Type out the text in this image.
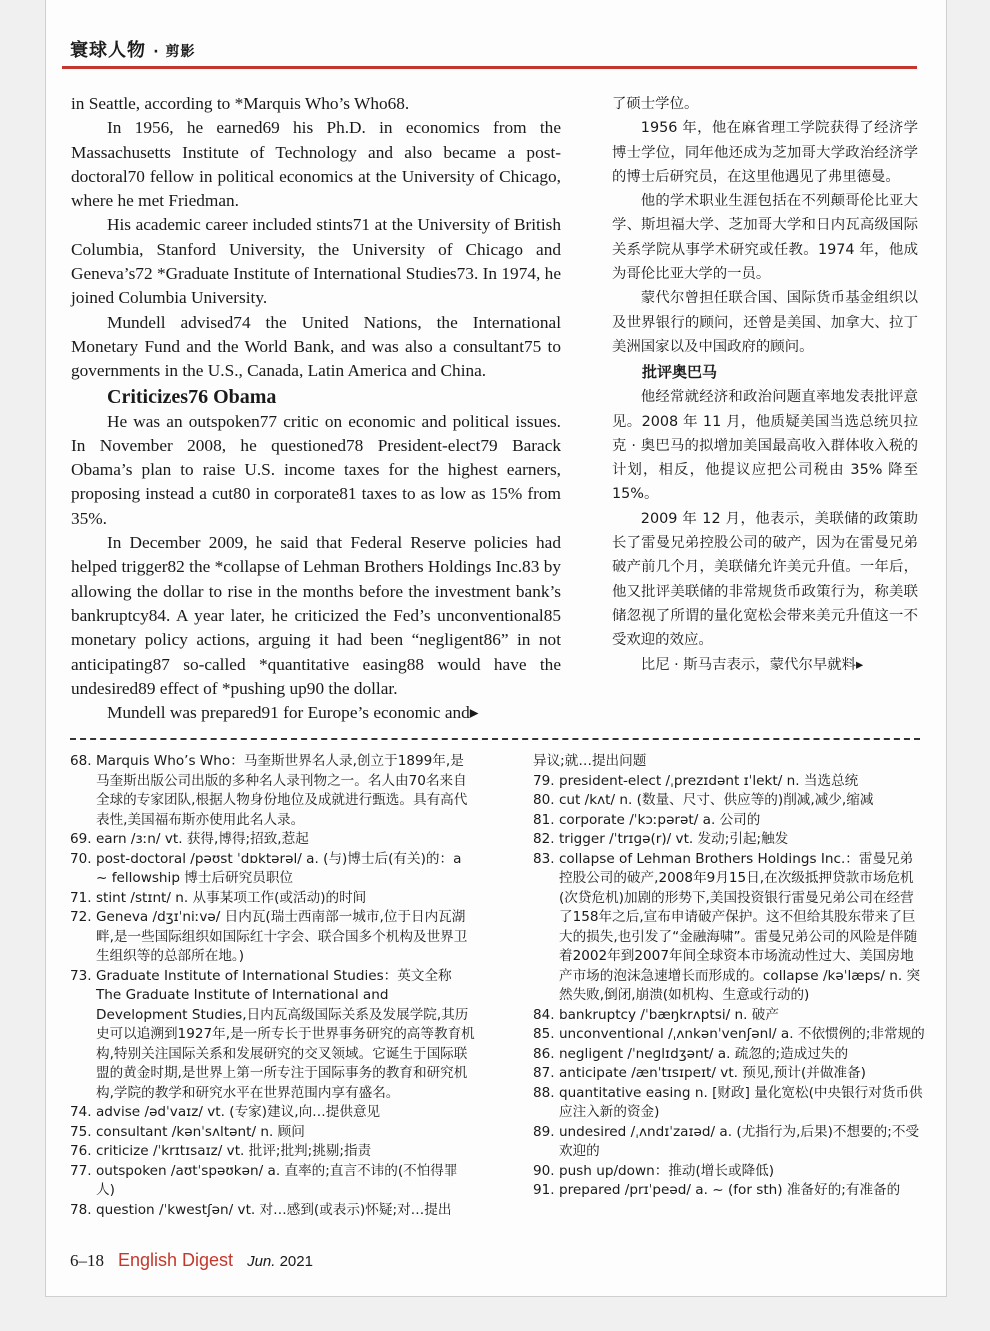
寰球人物 · 剪影

in Seattle, according to *Marquis Who’s Who68.

In 1956, he earned69 his Ph.D. in economics from the Massachusetts Institute of Technology and also became a post-doctoral70 fellow in political economics at the University of Chicago, where he met Friedman.

His academic career included stints71 at the University of British Columbia, Stanford University, the University of Chicago and Geneva’s72 *Graduate Institute of International Studies73. In 1974, he joined Columbia University.

Mundell advised74 the United Nations, the International Monetary Fund and the World Bank, and was also a consultant75 to governments in the U.S., Canada, Latin America and China.

Criticizes76 Obama

He was an outspoken77 critic on economic and political issues. In November 2008, he questioned78 President-elect79 Barack Obama’s plan to raise U.S. income taxes for the highest earners, proposing instead a cut80 in corporate81 taxes to as low as 15% from 35%.

In December 2009, he said that Federal Reserve policies had helped trigger82 the *collapse of Lehman Brothers Holdings Inc.83 by allowing the dollar to rise in the months before the investment bank’s bankruptcy84. A year later, he criticized the Fed’s unconventional85 monetary policy actions, arguing it had been “negligent86” in not anticipating87 so-called *quantitative easing88 would have the undesired89 effect of *pushing up90 the dollar.

Mundell was prepared91 for Europe’s economic and▸

了硕士学位。

1956 年，他在麻省理工学院获得了经济学博士学位，同年他还成为芝加哥大学政治经济学的博士后研究员，在这里他遇见了弗里德曼。

他的学术职业生涯包括在不列颠哥伦比亚大学、斯坦福大学、芝加哥大学和日内瓦高级国际关系学院从事学术研究或任教。1974 年，他成为哥伦比亚大学的一员。

蒙代尔曾担任联合国、国际货币基金组织以及世界银行的顾问，还曾是美国、加拿大、拉丁美洲国家以及中国政府的顾问。

批评奥巴马

他经常就经济和政治问题直率地发表批评意见。2008 年 11 月，他质疑美国当选总统贝拉克 · 奥巴马的拟增加美国最高收入群体收入税的计划，相反，他提议应把公司税由 35% 降至 15%。

2009 年 12 月，他表示，美联储的政策助长了雷曼兄弟控股公司的破产，因为在雷曼兄弟破产前几个月，美联储允许美元升值。一年后，他又批评美联储的非常规货币政策行为，称美联储忽视了所谓的量化宽松会带来美元升值这一不受欢迎的效应。

比尼 · 斯马吉表示，蒙代尔早就料▸

68. Marquis Who’s Who：马奎斯世界名人录,创立于1899年,是马奎斯出版公司出版的多种名人录刊物之一。名人由70名来自全球的专家团队,根据人物身份地位及成就进行甄选。具有高代表性,美国福布斯亦使用此名人录。
69. earn /ɜːn/ vt. 获得,博得;招致,惹起
70. post-doctoral /pəʊst ˈdɒktərəl/ a. (与)博士后(有关)的：a ~ fellowship 博士后研究员职位
71. stint /stɪnt/ n. 从事某项工作(或活动)的时间
72. Geneva /dʒɪˈniːvə/ 日内瓦(瑞士西南部一城市,位于日内瓦湖畔,是一些国际组织如国际红十字会、联合国多个机构及世界卫生组织等的总部所在地。)
73. Graduate Institute of International Studies：英文全称The Graduate Institute of International and Development Studies,日内瓦高级国际关系及发展学院,其历史可以追溯到1927年,是一所专长于世界事务研究的高等教育机构,特别关注国际关系和发展研究的交叉领域。它诞生于国际联盟的黄金时期,是世界上第一所专注于国际事务的教育和研究机构,学院的教学和研究水平在世界范围内享有盛名。
74. advise /ədˈvaɪz/ vt. (专家)建议,向…提供意见
75. consultant /kənˈsʌltənt/ n. 顾问
76. criticize /ˈkrɪtɪsaɪz/ vt. 批评;批判;挑剔;指责
77. outspoken /aʊtˈspəʊkən/ a. 直率的;直言不讳的(不怕得罪人)
78. question /ˈkwestʃən/ vt. 对…感到(或表示)怀疑;对…提出
异议;就…提出问题
79. president-elect /ˌprezɪdənt ɪˈlekt/ n. 当选总统
80. cut /kʌt/ n. (数量、尺寸、供应等的)削减,减少,缩减
81. corporate /ˈkɔːpərət/ a. 公司的
82. trigger /ˈtrɪɡə(r)/ vt. 发动;引起;触发
83. collapse of Lehman Brothers Holdings Inc.：雷曼兄弟控股公司的破产,2008年9月15日,在次级抵押贷款市场危机(次贷危机)加剧的形势下,美国投资银行雷曼兄弟公司在经营了158年之后,宣布申请破产保护。这不但给其股东带来了巨大的损失,也引发了“金融海啸”。雷曼兄弟公司的风险是伴随着2002年到2007年间全球资本市场流动性过大、美国房地产市场的泡沫急速增长而形成的。collapse /kəˈlæps/ n. 突然失败,倒闭,崩溃(如机构、生意或行动的)
84. bankruptcy /ˈbæŋkrʌptsi/ n. 破产
85. unconventional /ˌʌnkənˈvenʃənl/ a. 不依惯例的;非常规的
86. negligent /ˈneɡlɪdʒənt/ a. 疏忽的;造成过失的
87. anticipate /ænˈtɪsɪpeɪt/ vt. 预见,预计(并做准备)
88. quantitative easing n. [财政] 量化宽松(中央银行对货币供应注入新的资金)
89. undesired /ˌʌndɪˈzaɪəd/ a. (尤指行为,后果)不想要的;不受欢迎的
90. push up/down：推动(增长或降低)
91. prepared /prɪˈpeəd/ a. ~ (for sth) 准备好的;有准备的
6–18 English Digest Jun. 2021
